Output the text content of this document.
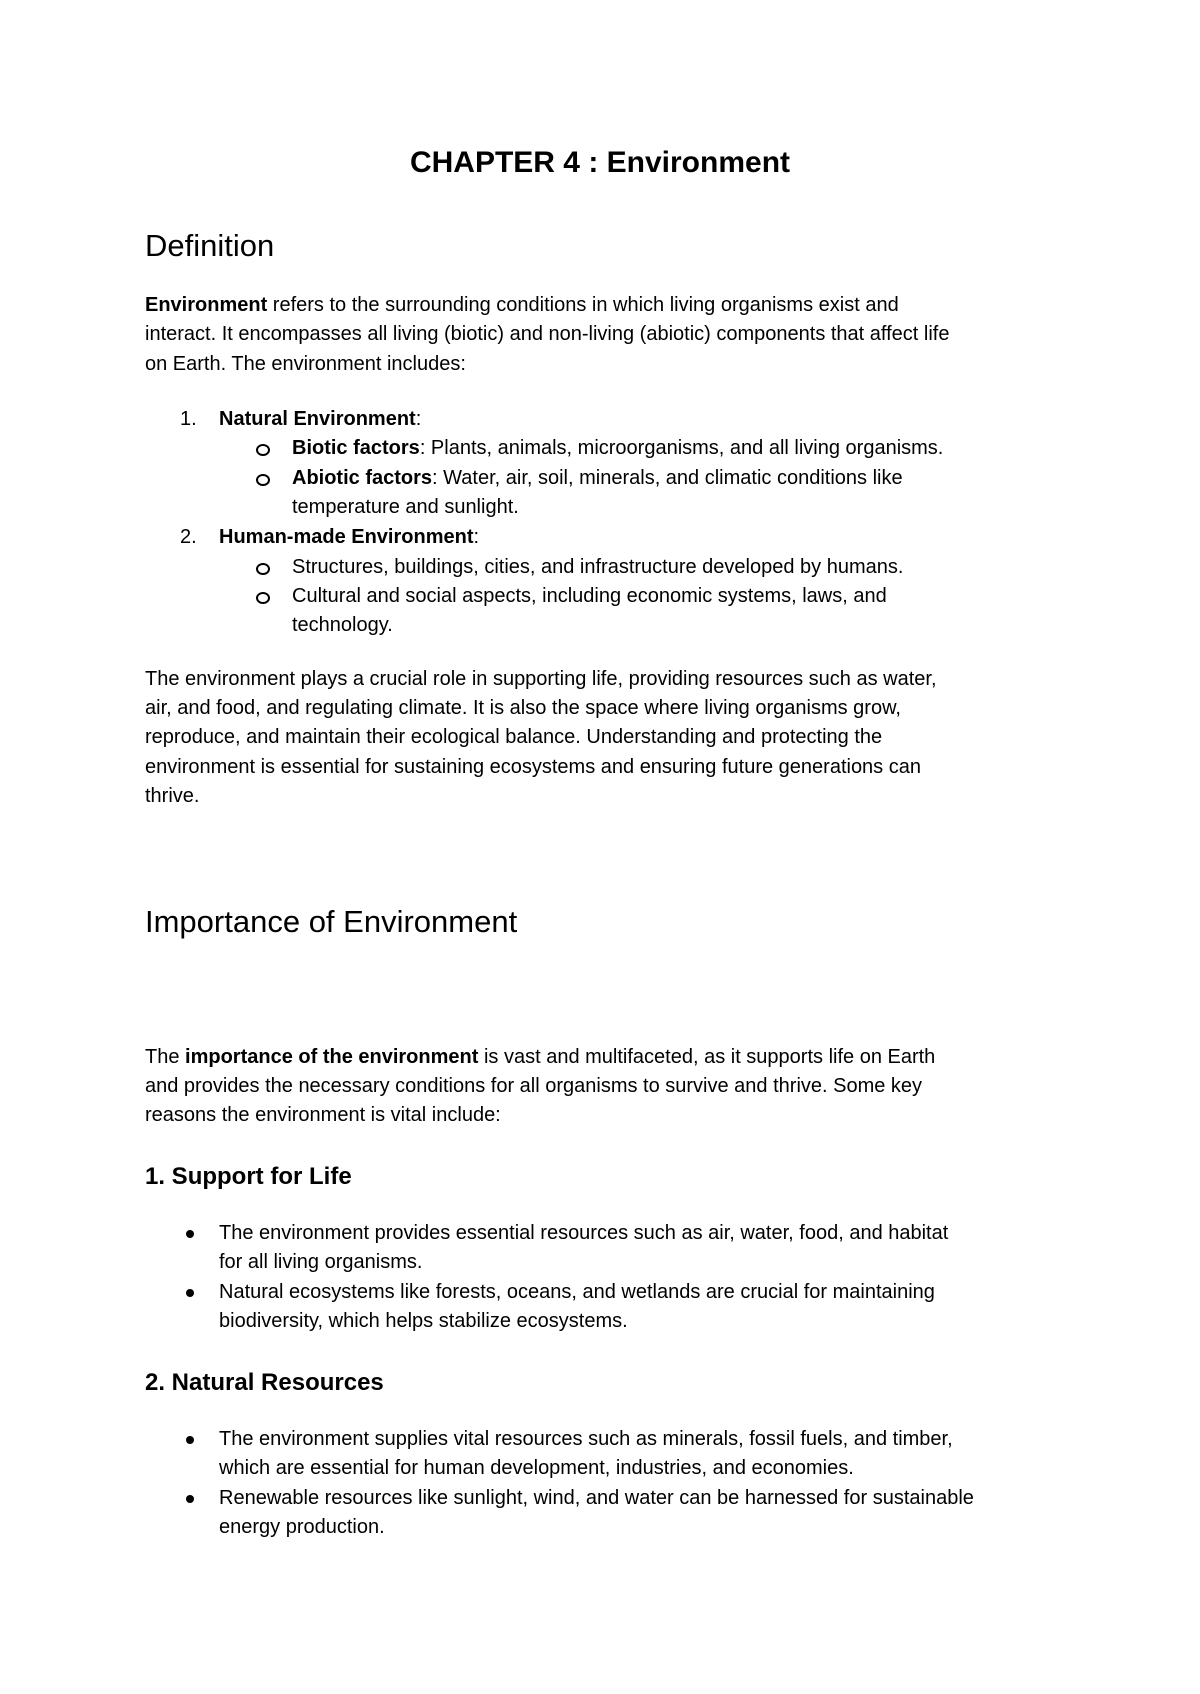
CHAPTER 4 : Environment
Definition

Environment refers to the surrounding conditions in which living organisms exist and

interact. It encompasses all living (biotic) and non-living (abiotic) components that affect life

on Earth. The environment includes:

1. Natural Environment:

Biotic factors: Plants, animals, microorganisms, and all living organisms.

Abiotic factors: Water, air, soil, minerals, and climatic conditions like

temperature and sunlight.

2. Human-made Environment:

Structures, buildings, cities, and infrastructure developed by humans.

Cultural and social aspects, including economic systems, laws, and

technology.

The environment plays a crucial role in supporting life, providing resources such as water,

air, and food, and regulating climate. It is also the space where living organisms grow,

reproduce, and maintain their ecological balance. Understanding and protecting the

environment is essential for sustaining ecosystems and ensuring future generations can

thrive.

Importance of Environment

The importance of the environment is vast and multifaceted, as it supports life on Earth

and provides the necessary conditions for all organisms to survive and thrive. Some key

reasons the environment is vital include:

1. Support for Life

The environment provides essential resources such as air, water, food, and habitat

for all living organisms.

Natural ecosystems like forests, oceans, and wetlands are crucial for maintaining

biodiversity, which helps stabilize ecosystems.

2. Natural Resources

The environment supplies vital resources such as minerals, fossil fuels, and timber,

which are essential for human development, industries, and economies.

Renewable resources like sunlight, wind, and water can be harnessed for sustainable

energy production.
